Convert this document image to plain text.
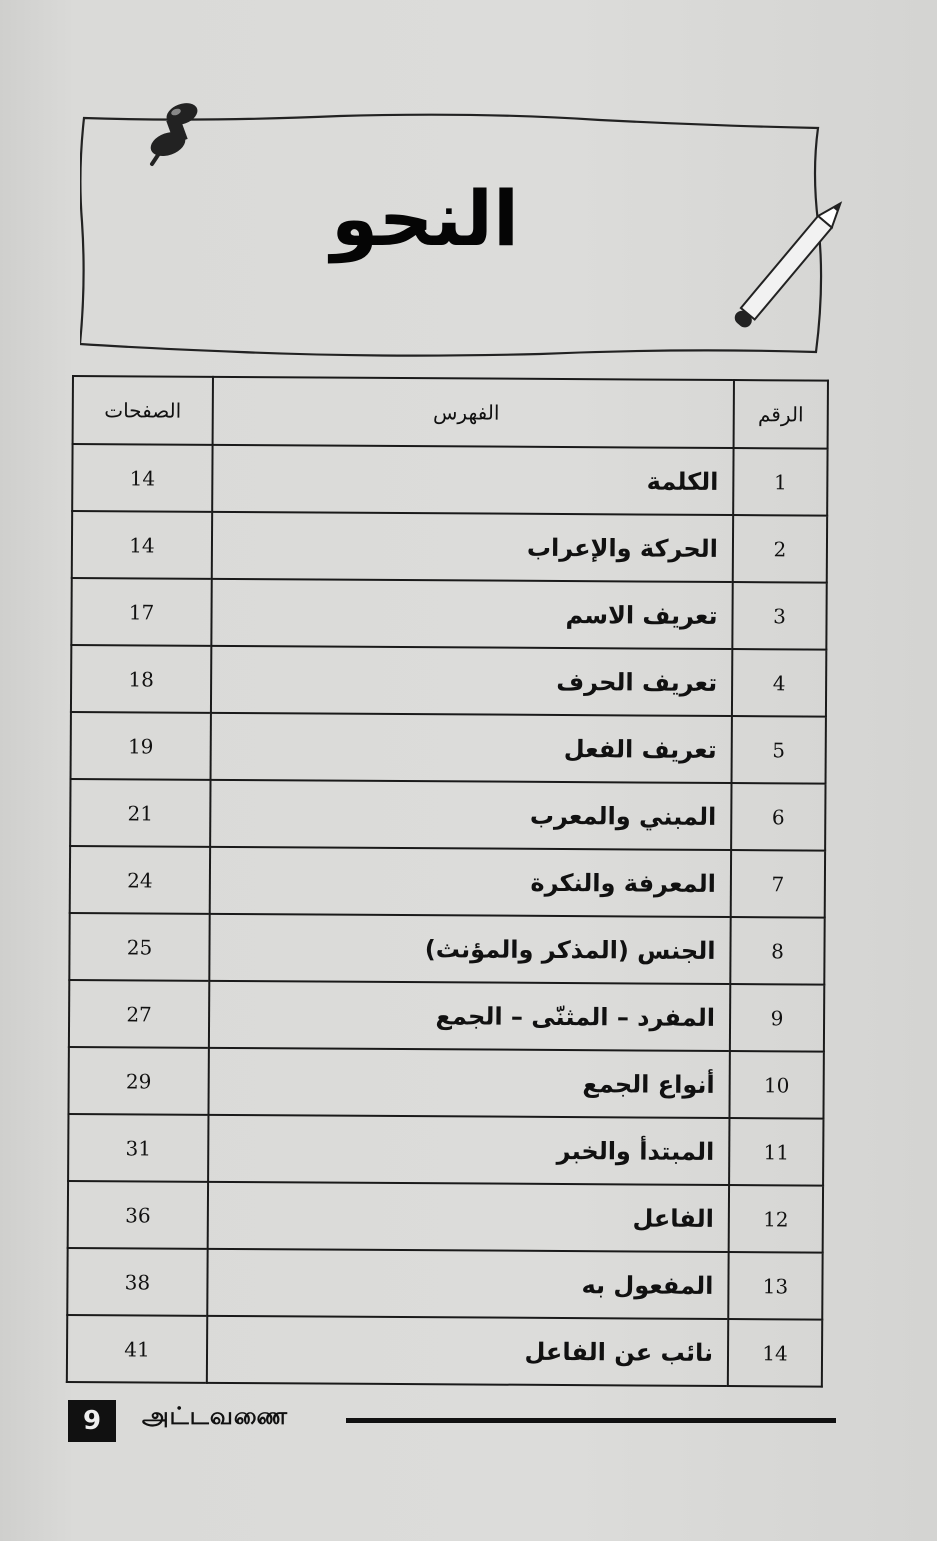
النحو
الرقم	الفهرس	الصفحات
1	الكلمة	14
2	الحركة والإعراب	14
3	تعريف الاسم	17
4	تعريف الحرف	18
5	تعريف الفعل	19
6	المبني والمعرب	21
7	المعرفة والنكرة	24
8	الجنس (المذكر والمؤنث)	25
9	المفرد – المثنّى – الجمع	27
10	أنواع الجمع	29
11	المبتدأ والخبر	31
12	الفاعل	36
13	المفعول به	38
14	نائب عن الفاعل	41
9	அட்டவணை
